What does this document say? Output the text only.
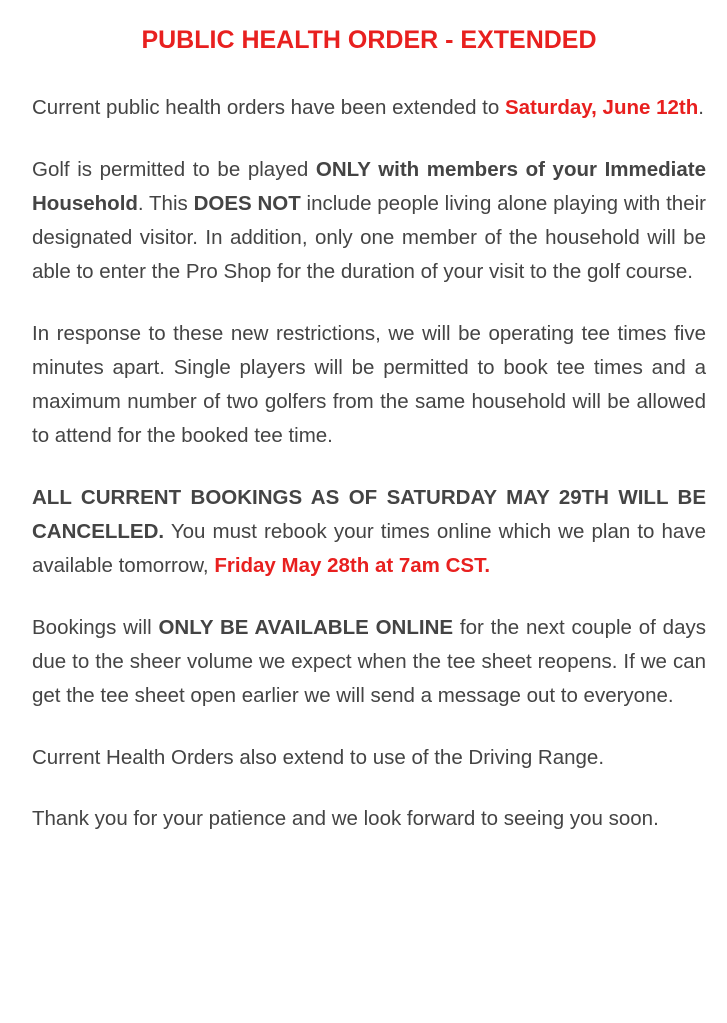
PUBLIC HEALTH ORDER - EXTENDED

Current public health orders have been extended to Saturday, June 12th.

Golf is permitted to be played ONLY with members of your Immediate Household. This DOES NOT include people living alone playing with their designated visitor. In addition, only one member of the household will be able to enter the Pro Shop for the duration of your visit to the golf course.

In response to these new restrictions, we will be operating tee times five minutes apart. Single players will be permitted to book tee times and a maximum number of two golfers from the same household will be allowed to attend for the booked tee time.

ALL CURRENT BOOKINGS AS OF SATURDAY MAY 29TH WILL BE CANCELLED. You must rebook your times online which we plan to have available tomorrow, Friday May 28th at 7am CST.

Bookings will ONLY BE AVAILABLE ONLINE for the next couple of days due to the sheer volume we expect when the tee sheet reopens. If we can get the tee sheet open earlier we will send a message out to everyone.

Current Health Orders also extend to use of the Driving Range.

Thank you for your patience and we look forward to seeing you soon.
